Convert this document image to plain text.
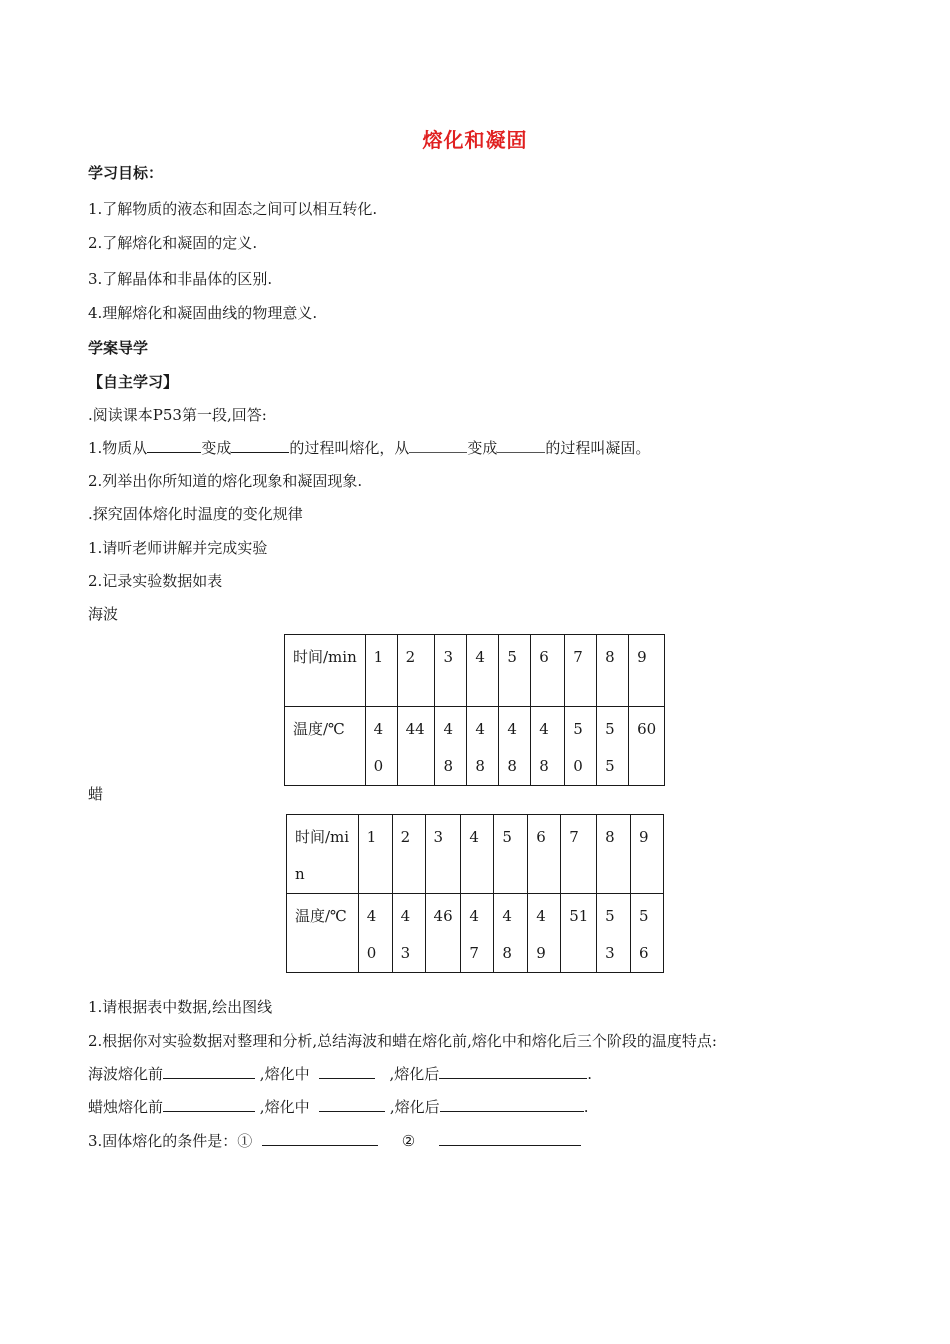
熔化和凝固
学习目标：
1.了解物质的液态和固态之间可以相互转化.
2.了解熔化和凝固的定义.
3.了解晶体和非晶体的区别.
4.理解熔化和凝固曲线的物理意义.
学案导学
【自主学习】
.阅读课本P53第一段,回答:
1.物质从	变成	的过程叫熔化，从	变成	的过程叫凝固。
2.列举出你所知道的熔化现象和凝固现象.
.探究固体熔化时温度的变化规律
1.请听老师讲解并完成实验
2.记录实验数据如表
海波
时间/min	1	2	3	4	5	6	7	8	9
温度/℃	40	44	48	48	48	48	50	55	60
蜡
时间/min	1	2	3	4	5	6	7	8	9
温度/℃	40	43	46	47	48	49	51	53	56
1.请根据表中数据,绘出图线
2.根据你对实验数据对整理和分析,总结海波和蜡在熔化前,熔化中和熔化后三个阶段的温度特点:
海波熔化前	,熔化中	,熔化后	.
蜡烛熔化前	,熔化中	,熔化后	.
3.固体熔化的条件是：①	②
